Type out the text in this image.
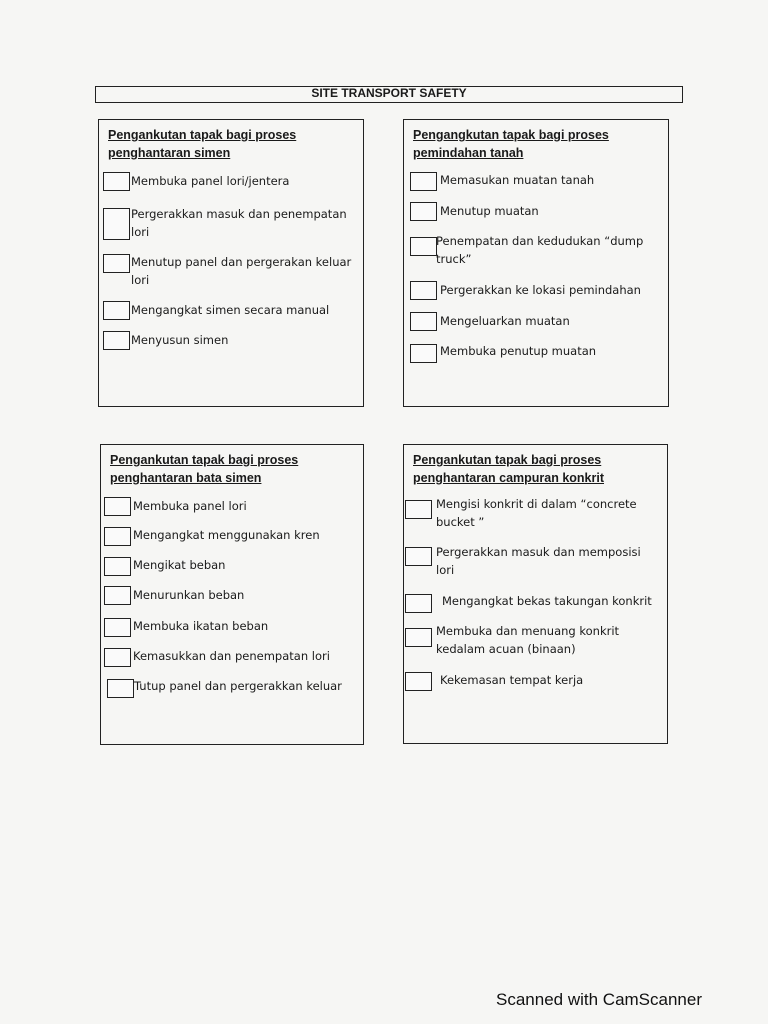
SITE TRANSPORT SAFETY
Pengankutan tapak bagi proses penghantaran simen
Membuka panel lori/jentera
Pergerakkan masuk dan penempatan lori
Menutup panel dan pergerakan keluar lori
Mengangkat simen secara manual
Menyusun simen
Pengangkutan tapak bagi proses pemindahan tanah
Memasukan muatan tanah
Menutup muatan
Penempatan dan kedudukan “dump truck”
Pergerakkan ke lokasi pemindahan
Mengeluarkan muatan
Membuka penutup muatan
Pengankutan tapak bagi proses penghantaran bata simen
Membuka panel lori
Mengangkat menggunakan kren
Mengikat beban
Menurunkan beban
Membuka ikatan beban
Kemasukkan dan penempatan lori
Tutup panel dan pergerakkan keluar
Pengankutan tapak bagi proses penghantaran campuran konkrit
Mengisi konkrit di dalam “concrete bucket ”
Pergerakkan masuk dan memposisi lori
Mengangkat bekas takungan konkrit
Membuka dan menuang konkrit kedalam acuan (binaan)
Kekemasan tempat kerja
Scanned with CamScanner
